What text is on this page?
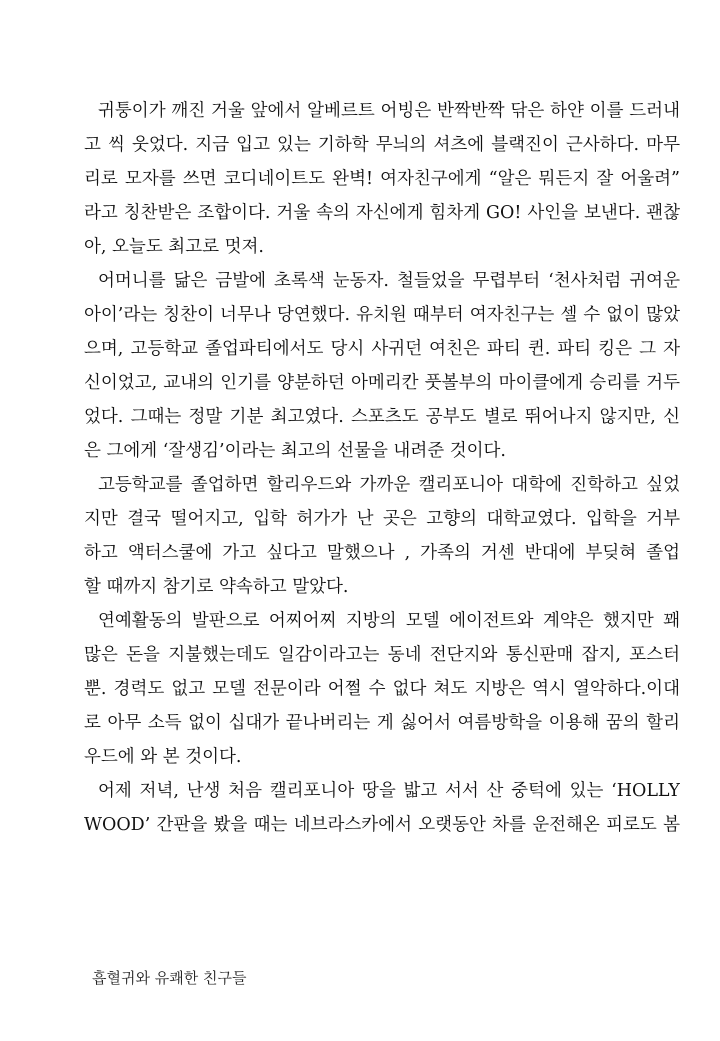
귀퉁이가 깨진 거울 앞에서 알베르트 어빙은 반짝반짝 닦은 하얀 이를 드러내
고 씩 웃었다. 지금 입고 있는 기하학 무늬의 셔츠에 블랙진이 근사하다. 마무
리로 모자를 쓰면 코디네이트도 완벽! 여자친구에게 “알은 뭐든지 잘 어울려”
라고 칭찬받은 조합이다. 거울 속의 자신에게 힘차게 GO! 사인을 보낸다. 괜찮
아, 오늘도 최고로 멋져.
어머니를 닮은 금발에 초록색 눈동자. 철들었을 무렵부터 ‘천사처럼 귀여운
아이’라는 칭찬이 너무나 당연했다. 유치원 때부터 여자친구는 셀 수 없이 많았
으며, 고등학교 졸업파티에서도 당시 사귀던 여친은 파티 퀸. 파티 킹은 그 자
신이었고, 교내의 인기를 양분하던 아메리칸 풋볼부의 마이클에게 승리를 거두
었다. 그때는 정말 기분 최고였다. 스포츠도 공부도 별로 뛰어나지 않지만, 신
은 그에게 ‘잘생김’이라는 최고의 선물을 내려준 것이다.
고등학교를 졸업하면 할리우드와 가까운 캘리포니아 대학에 진학하고 싶었
지만 결국 떨어지고, 입학 허가가 난 곳은 고향의 대학교였다. 입학을 거부
하고 액터스쿨에 가고 싶다고 말했으나 , 가족의 거센 반대에 부딪혀 졸업
할 때까지 참기로 약속하고 말았다.
연예활동의 발판으로 어찌어찌 지방의 모델 에이전트와 계약은 했지만 꽤
많은 돈을 지불했는데도 일감이라고는 동네 전단지와 통신판매 잡지, 포스터
뿐. 경력도 없고 모델 전문이라 어쩔 수 없다 쳐도 지방은 역시 열악하다.이대
로 아무 소득 없이 십대가 끝나버리는 게 싫어서 여름방학을 이용해 꿈의 할리
우드에 와 본 것이다.
어제 저녁, 난생 처음 캘리포니아 땅을 밟고 서서 산 중턱에 있는 ‘HOLLY
WOOD’ 간판을 봤을 때는 네브라스카에서 오랫동안 차를 운전해온 피로도 봄
흡혈귀와 유쾌한 친구들
